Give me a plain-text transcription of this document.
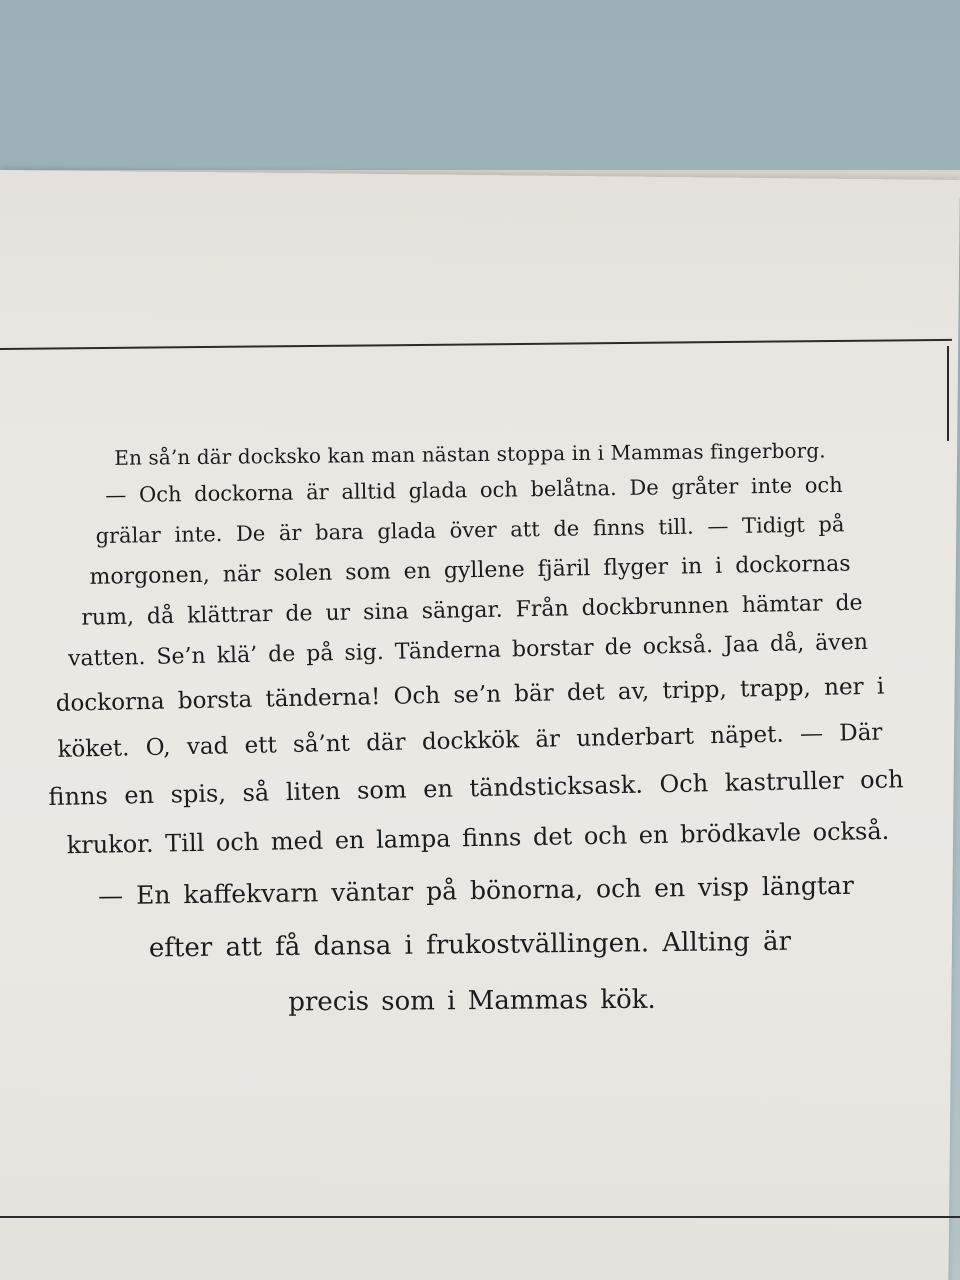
En så’n där docksko kan man nästan stoppa in i Mammas fingerborg.
— Och dockorna är alltid glada och belåtna. De gråter inte och
grälar inte. De är bara glada över att de finns till. — Tidigt på
morgonen, när solen som en gyllene fjäril flyger in i dockornas
rum, då klättrar de ur sina sängar. Från dockbrunnen hämtar de
vatten. Se’n klä’ de på sig. Tänderna borstar de också. Jaa då, även
dockorna borsta tänderna! Och se’n bär det av, tripp, trapp, ner i
köket. O, vad ett så’nt där dockkök är underbart näpet. — Där
finns en spis, så liten som en tändsticksask. Och kastruller och
krukor. Till och med en lampa finns det och en brödkavle också.
— En kaffekvarn väntar på bönorna, och en visp längtar
efter att få dansa i frukostvällingen. Allting är
precis som i Mammas kök.
